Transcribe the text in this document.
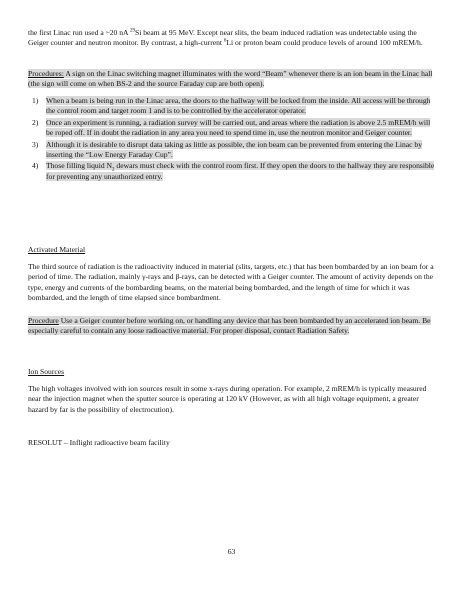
the first Linac run used a ~20 nA $^{29}$Si beam at 95 MeV. Except near slits, the beam induced radiation was undetectable using the Geiger counter and neutron monitor. By contrast, a high-current $^6$Li or proton beam could produce levels of around 100 mREM/h.
Procedures: A sign on the Linac switching magnet illuminates with the word “Beam” whenever there is an ion beam in the Linac hall (the sign will come on when BS-2 and the source Faraday cup are both open).
1) When a beam is being run in the Linac area, the doors to the hallway will be locked from the inside. All access will be through the control room and target room 1 and is to be controlled by the accelerator operator.
2) Once an experiment is running, a radiation survey will be carried out, and areas where the radiation is above 2.5 mREM/h will be roped off. If in doubt the radiation in any area you need to spend time in, use the neutron monitor and Geiger counter.
3) Although it is desirable to disrupt data taking as little as possible, the ion beam can be prevented from entering the Linac by inserting the “Low Energy Faraday Cup”.
4) Those filling liquid $N_2$ dewars must check with the control room first. If they open the doors to the hallway they are responsible for preventing any unauthorized entry.
Activated Material
The third source of radiation is the radioactivity induced in material (slits, targets, etc.) that has been bombarded by an ion beam for a period of time. The radiation, mainly γ-rays and β-rays, can be detected with a Geiger counter. The amount of activity depends on the type, energy and currents of the bombarding beams, on the material being bombarded, and the length of time for which it was bombarded, and the length of time elapsed since bombardment.
Procedure Use a Geiger counter before working on, or handling any device that has been bombarded by an accelerated ion beam. Be especially careful to contain any loose radioactive material. For proper disposal, contact Radiation Safety.
Ion Sources
The high voltages involved with ion sources result in some x-rays during operation. For example, 2 mREM/h is typically measured near the injection magnet when the sputter source is operating at 120 kV (However, as with all high voltage equipment, a greater hazard by far is the possibility of electrocution).
RESOLUT – Inflight radioactive beam facility
63
